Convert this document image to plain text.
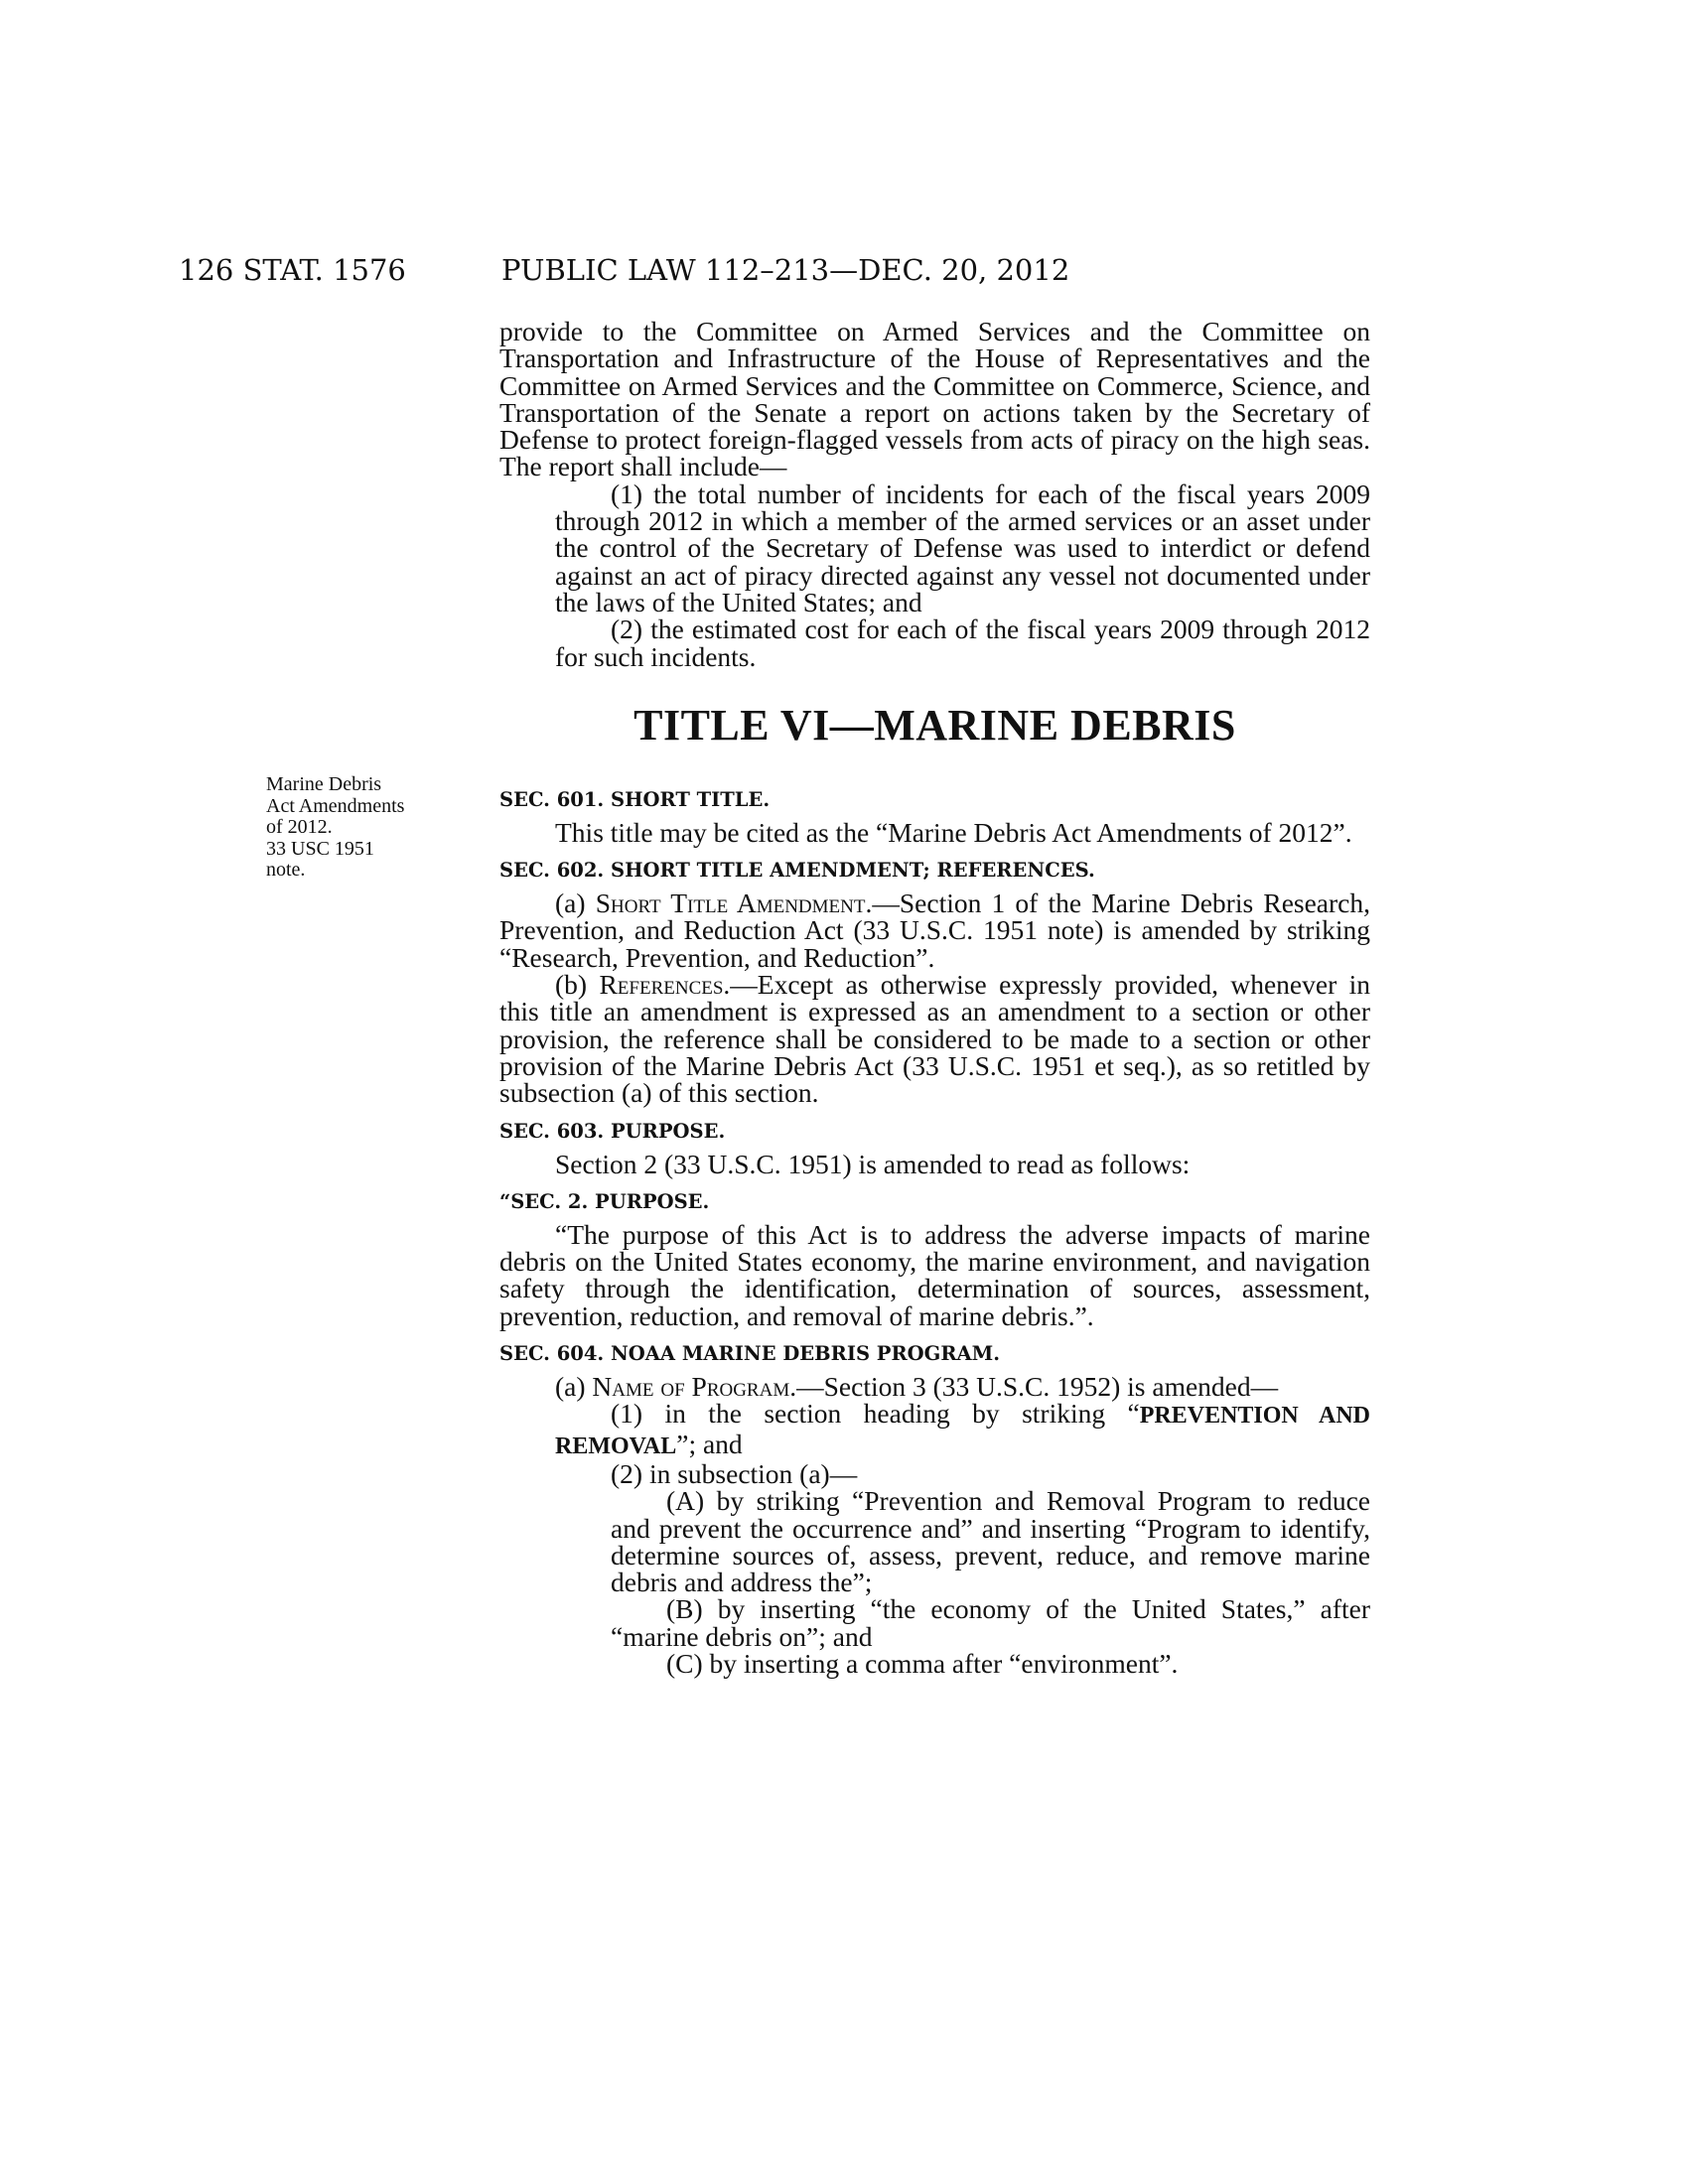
126 STAT. 1576	PUBLIC LAW 112–213—DEC. 20, 2012
Marine Debris
Act Amendments
of 2012.
33 USC 1951
note.

provide to the Committee on Armed Services and the Committee on Transportation and Infrastructure of the House of Representatives and the Committee on Armed Services and the Committee on Commerce, Science, and Transportation of the Senate a report on actions taken by the Secretary of Defense to protect foreign-flagged vessels from acts of piracy on the high seas. The report shall include—

(1) the total number of incidents for each of the fiscal years 2009 through 2012 in which a member of the armed services or an asset under the control of the Secretary of Defense was used to interdict or defend against an act of piracy directed against any vessel not documented under the laws of the United States; and

(2) the estimated cost for each of the fiscal years 2009 through 2012 for such incidents.

TITLE VI—MARINE DEBRIS

SEC. 601. SHORT TITLE.

This title may be cited as the “Marine Debris Act Amendments of 2012”.

SEC. 602. SHORT TITLE AMENDMENT; REFERENCES.

(a) Short Title Amendment.—Section 1 of the Marine Debris Research, Prevention, and Reduction Act (33 U.S.C. 1951 note) is amended by striking “Research, Prevention, and Reduction”.

(b) References.—Except as otherwise expressly provided, whenever in this title an amendment is expressed as an amendment to a section or other provision, the reference shall be considered to be made to a section or other provision of the Marine Debris Act (33 U.S.C. 1951 et seq.), as so retitled by subsection (a) of this section.

SEC. 603. PURPOSE.

Section 2 (33 U.S.C. 1951) is amended to read as follows:

“SEC. 2. PURPOSE.

“The purpose of this Act is to address the adverse impacts of marine debris on the United States economy, the marine environment, and navigation safety through the identification, determination of sources, assessment, prevention, reduction, and removal of marine debris.”.

SEC. 604. NOAA MARINE DEBRIS PROGRAM.

(a) Name of Program.—Section 3 (33 U.S.C. 1952) is amended—

(1) in the section heading by striking “PREVENTION AND REMOVAL”; and

(2) in subsection (a)—

(A) by striking “Prevention and Removal Program to reduce and prevent the occurrence and” and inserting “Program to identify, determine sources of, assess, prevent, reduce, and remove marine debris and address the”;

(B) by inserting “the economy of the United States,” after “marine debris on”; and

(C) by inserting a comma after “environment”.
